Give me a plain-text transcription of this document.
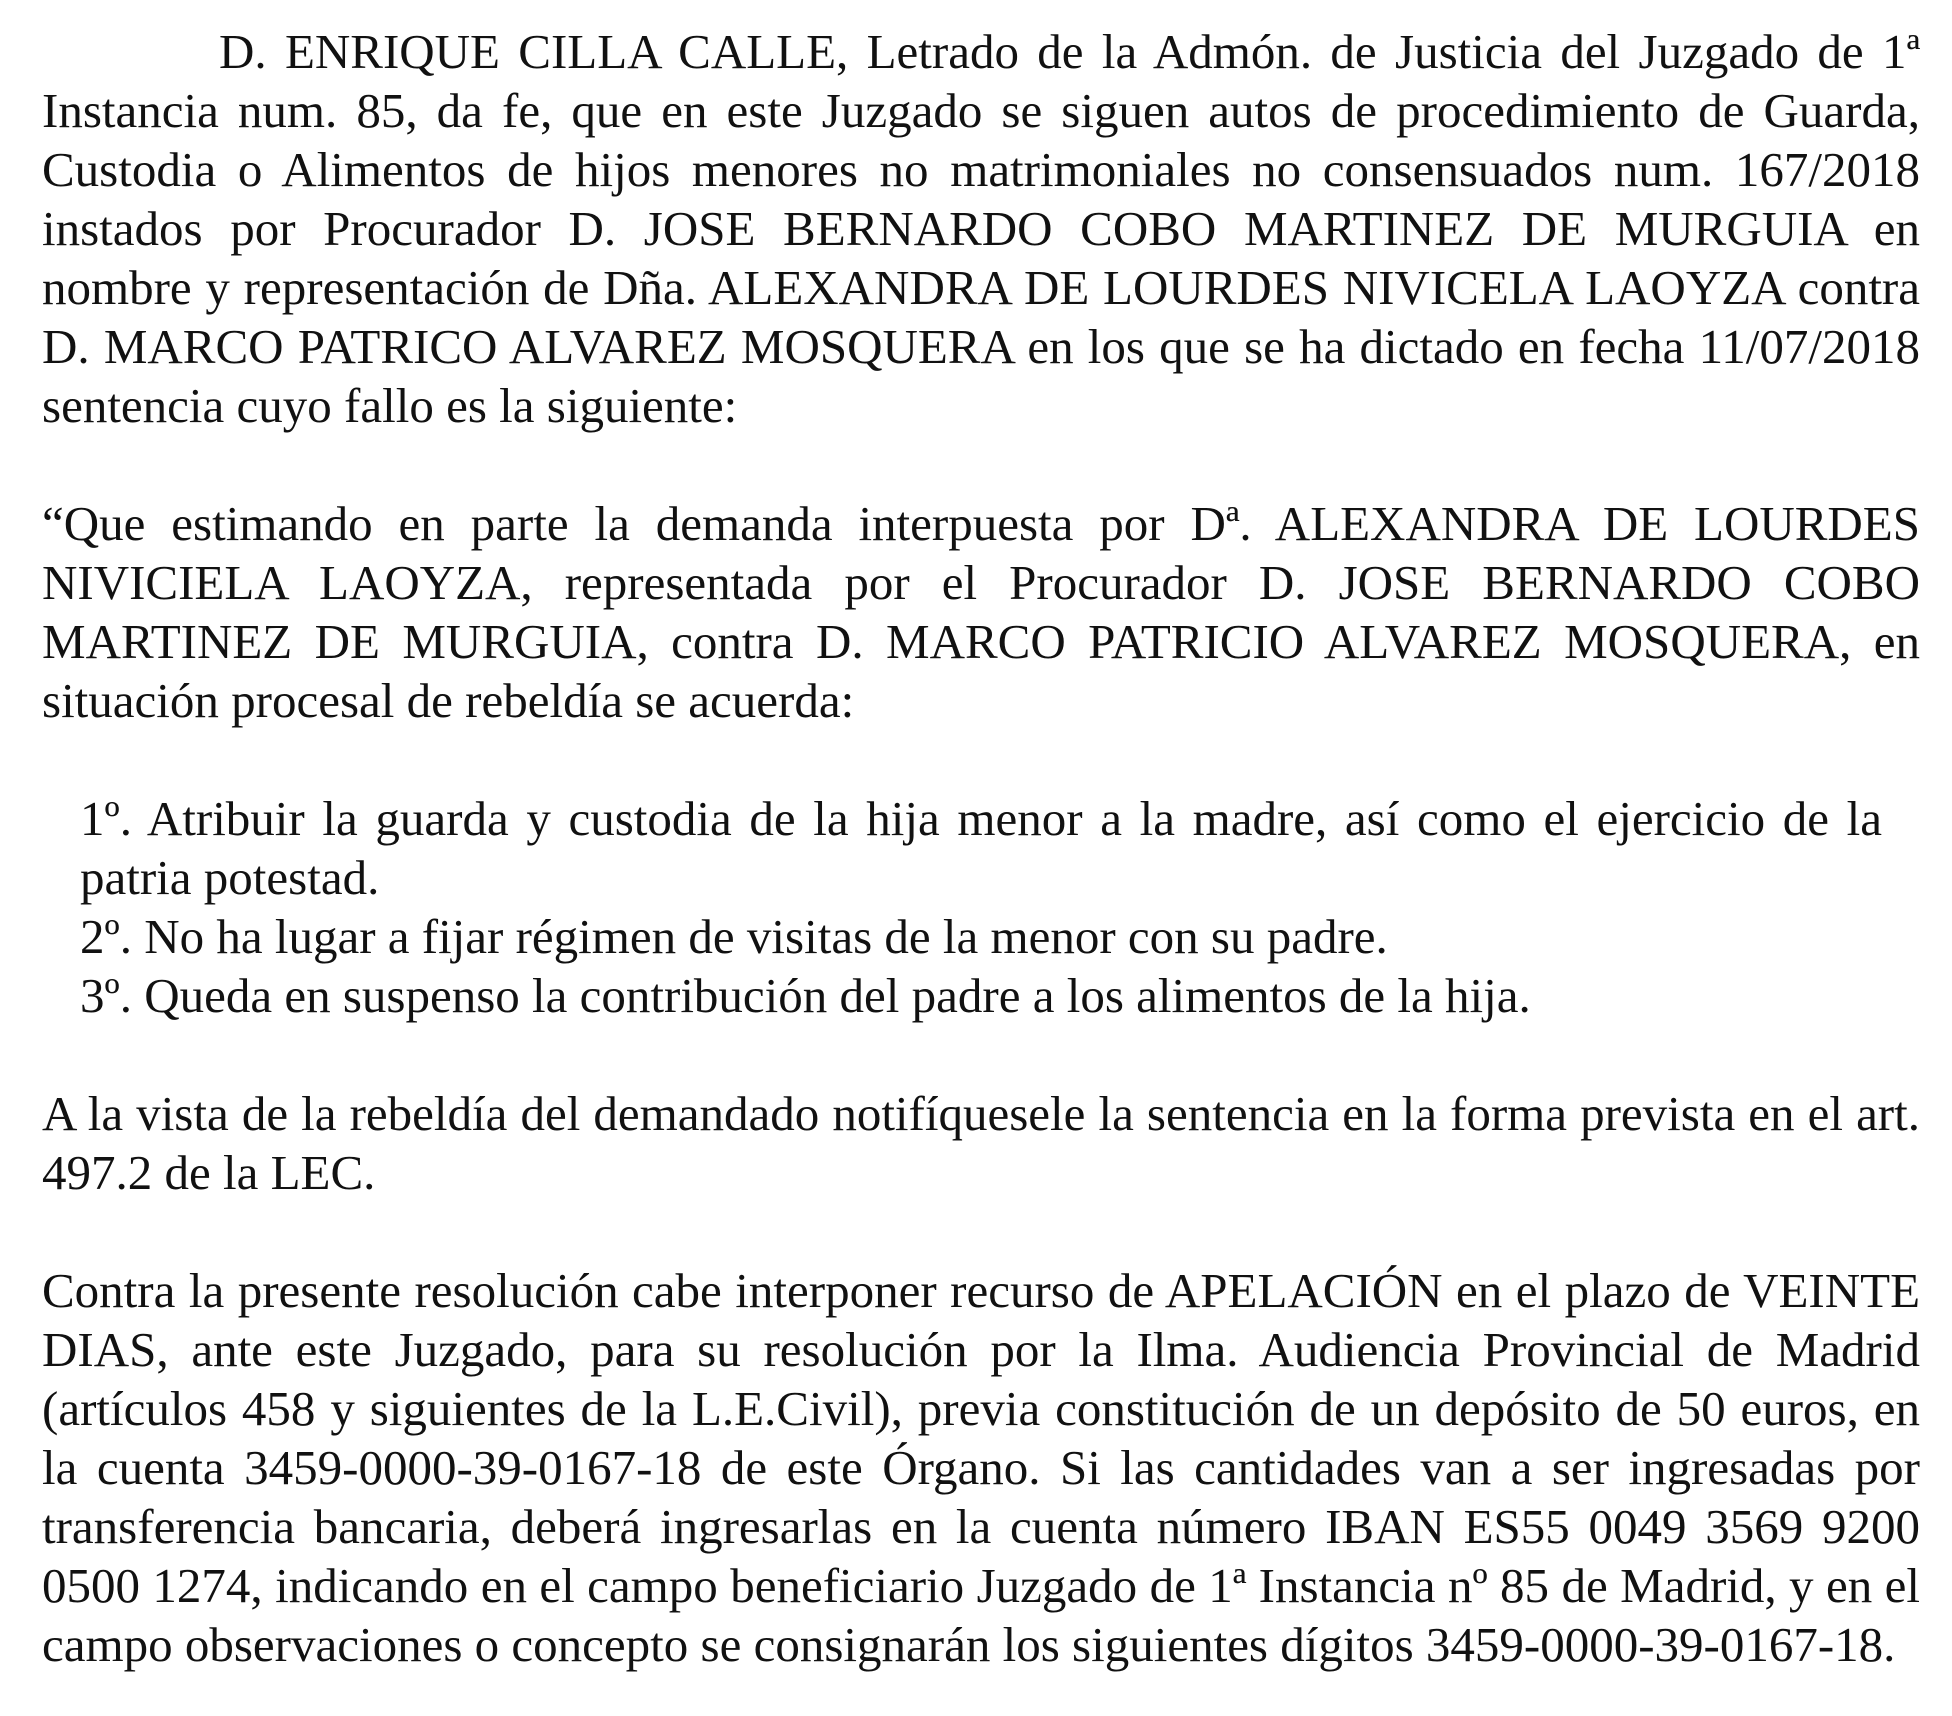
D. ENRIQUE CILLA CALLE, Letrado de la Admón. de Justicia del Juzgado de 1ª Instancia num. 85, da fe, que en este Juzgado se siguen autos de procedimiento de Guarda, Custodia o Alimentos de hijos menores no matrimoniales no consensuados num. 167/2018 instados por Procurador D. JOSE BERNARDO COBO MARTINEZ DE MURGUIA en nombre y representación de Dña. ALEXANDRA DE LOURDES NIVICELA LAOYZA contra D. MARCO PATRICO ALVAREZ MOSQUERA en los que se ha dictado en fecha 11/07/2018 sentencia cuyo fallo es la siguiente:

“Que estimando en parte la demanda interpuesta por Dª. ALEXANDRA DE LOURDES NIVICIELA LAOYZA, representada por el Procurador D. JOSE BERNARDO COBO MARTINEZ DE MURGUIA, contra D. MARCO PATRICIO ALVAREZ MOSQUERA, en situación procesal de rebeldía se acuerda:

1º. Atribuir la guarda y custodia de la hija menor a la madre, así como el ejercicio de la patria potestad.

2º. No ha lugar a fijar régimen de visitas de la menor con su padre.

3º. Queda en suspenso la contribución del padre a los alimentos de la hija.

A la vista de la rebeldía del demandado notifíquesele la sentencia en la forma prevista en el art. 497.2 de la LEC.

Contra la presente resolución cabe interponer recurso de APELACIÓN en el plazo de VEINTE DIAS, ante este Juzgado, para su resolución por la Ilma. Audiencia Provincial de Madrid (artículos 458 y siguientes de la L.E.Civil), previa constitución de un depósito de 50 euros, en la cuenta 3459-0000-39-0167-18 de este Órgano. Si las cantidades van a ser ingresadas por transferencia bancaria, deberá ingresarlas en la cuenta número IBAN ES55 0049 3569 9200 0500 1274, indicando en el campo beneficiario Juzgado de 1ª Instancia nº 85 de Madrid, y en el campo observaciones o concepto se consignarán los siguientes dígitos 3459-0000-39-0167-18.
